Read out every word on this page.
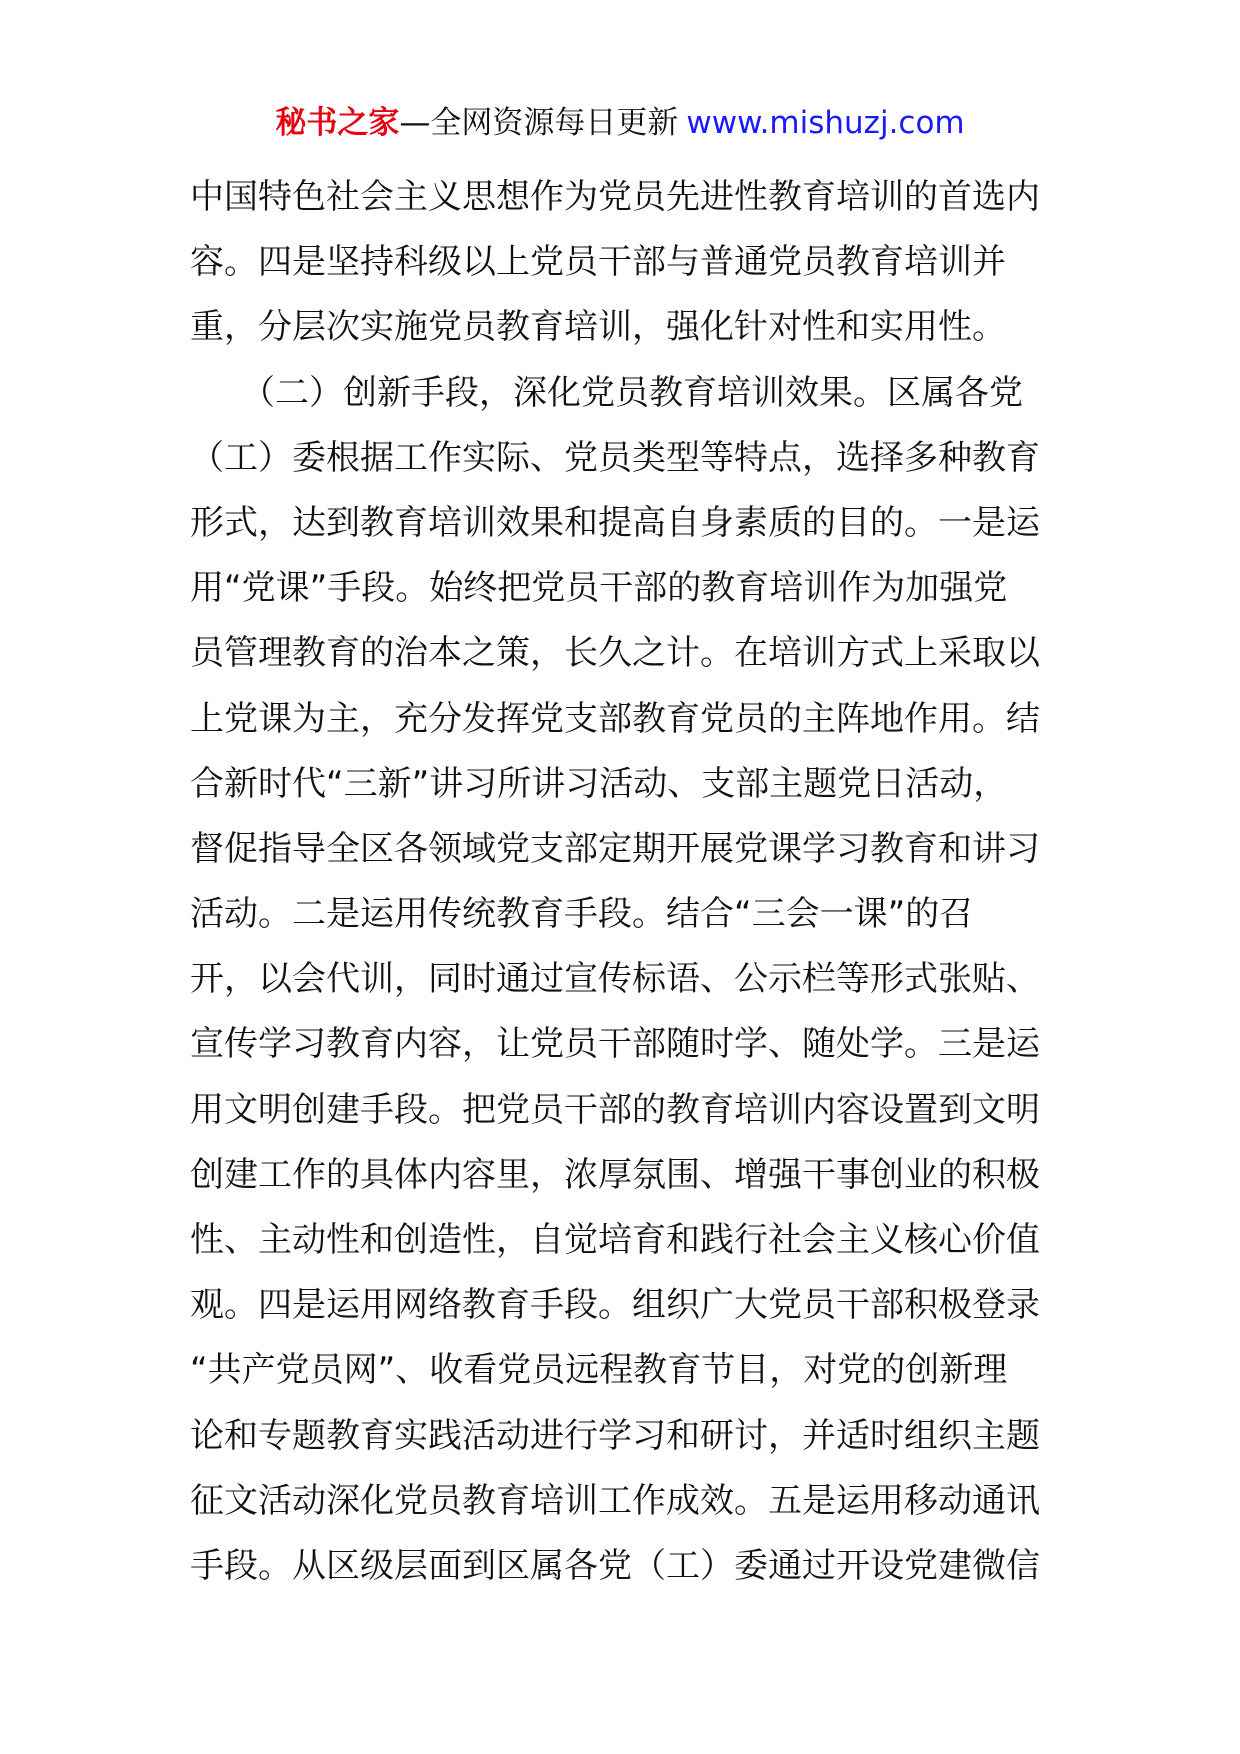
秘书之家—全网资源每日更新 www.mishuzj.com
中国特色社会主义思想作为党员先进性教育培训的首选内
容。四是坚持科级以上党员干部与普通党员教育培训并
重，分层次实施党员教育培训，强化针对性和实用性。
　　（二）创新手段，深化党员教育培训效果。区属各党
（工）委根据工作实际、党员类型等特点，选择多种教育
形式，达到教育培训效果和提高自身素质的目的。一是运
用“党课”手段。始终把党员干部的教育培训作为加强党
员管理教育的治本之策，长久之计。在培训方式上采取以
上党课为主，充分发挥党支部教育党员的主阵地作用。结
合新时代“三新”讲习所讲习活动、支部主题党日活动，
督促指导全区各领域党支部定期开展党课学习教育和讲习
活动。二是运用传统教育手段。结合“三会一课”的召
开，以会代训，同时通过宣传标语、公示栏等形式张贴、
宣传学习教育内容，让党员干部随时学、随处学。三是运
用文明创建手段。把党员干部的教育培训内容设置到文明
创建工作的具体内容里，浓厚氛围、增强干事创业的积极
性、主动性和创造性，自觉培育和践行社会主义核心价值
观。四是运用网络教育手段。组织广大党员干部积极登录
“共产党员网”、收看党员远程教育节目，对党的创新理
论和专题教育实践活动进行学习和研讨，并适时组织主题
征文活动深化党员教育培训工作成效。五是运用移动通讯
手段。从区级层面到区属各党（工）委通过开设党建微信
